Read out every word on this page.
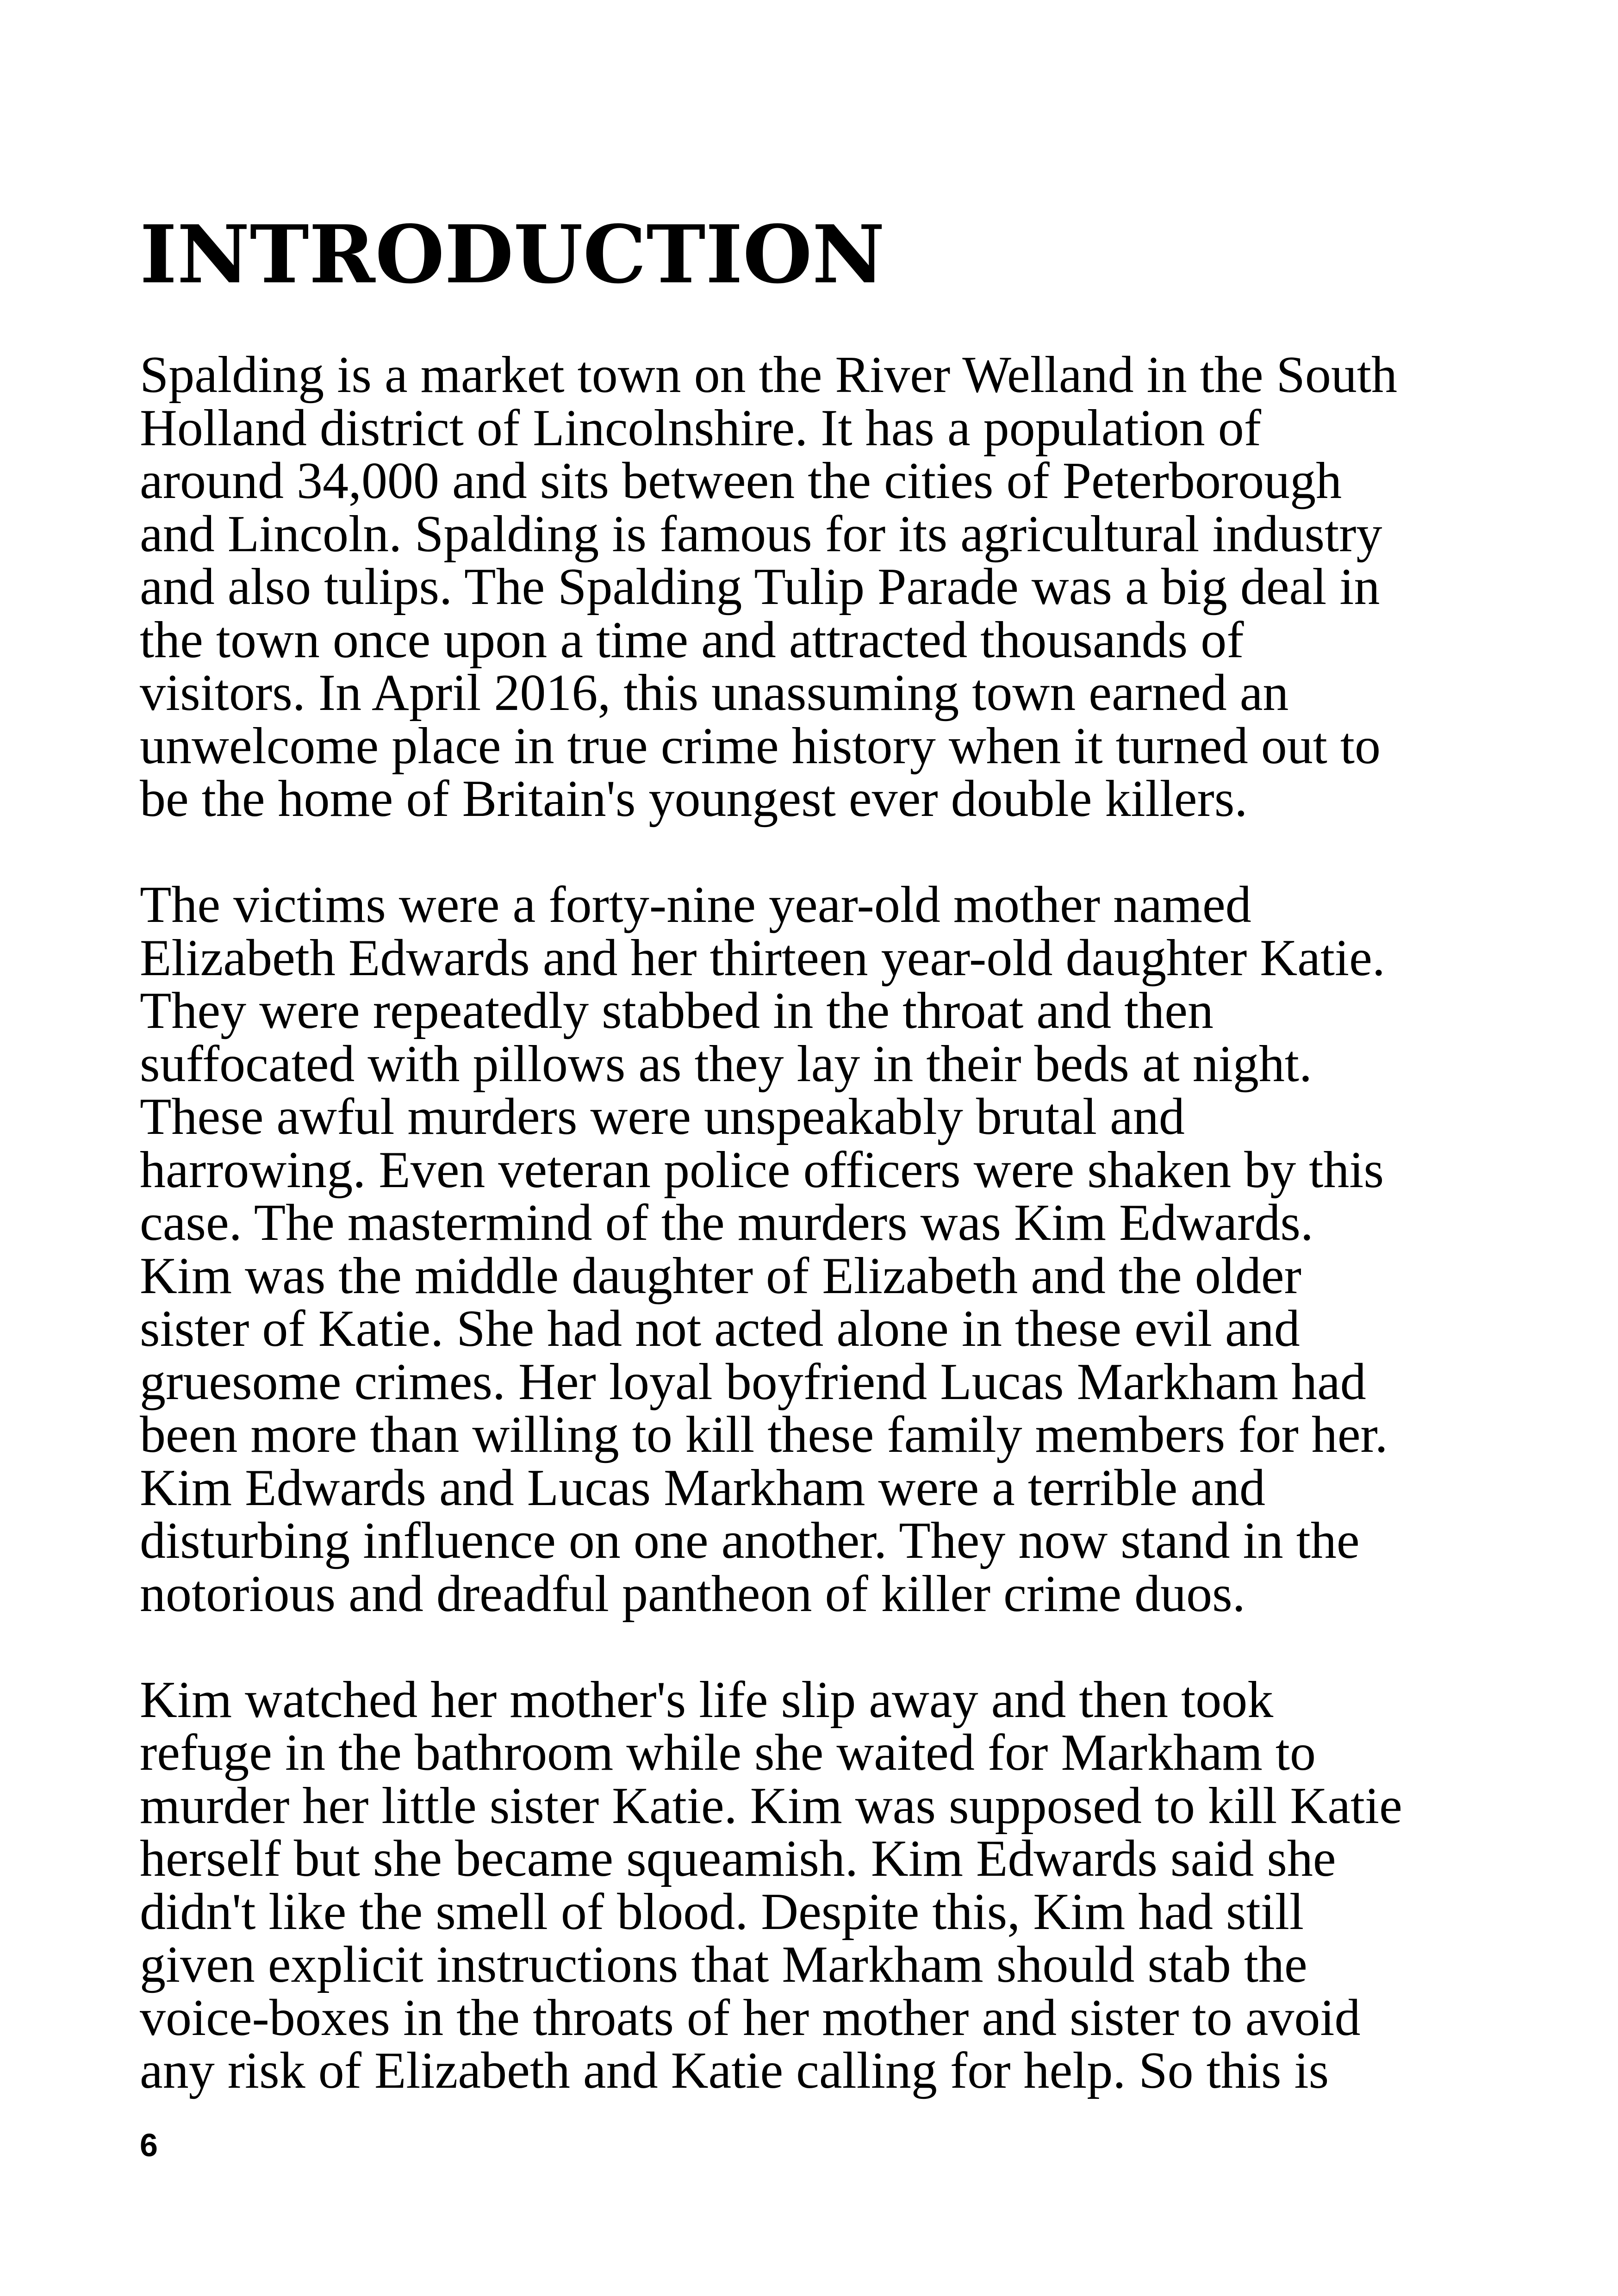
INTRODUCTION
Spalding is a market town on the River Welland in the South
Holland district of Lincolnshire. It has a population of
around 34,000 and sits between the cities of Peterborough
and Lincoln. Spalding is famous for its agricultural industry
and also tulips. The Spalding Tulip Parade was a big deal in
the town once upon a time and attracted thousands of
visitors. In April 2016, this unassuming town earned an
unwelcome place in true crime history when it turned out to
be the home of Britain's youngest ever double killers.
The victims were a forty-nine year-old mother named
Elizabeth Edwards and her thirteen year-old daughter Katie.
They were repeatedly stabbed in the throat and then
suffocated with pillows as they lay in their beds at night.
These awful murders were unspeakably brutal and
harrowing. Even veteran police officers were shaken by this
case. The mastermind of the murders was Kim Edwards.
Kim was the middle daughter of Elizabeth and the older
sister of Katie. She had not acted alone in these evil and
gruesome crimes. Her loyal boyfriend Lucas Markham had
been more than willing to kill these family members for her.
Kim Edwards and Lucas Markham were a terrible and
disturbing influence on one another. They now stand in the
notorious and dreadful pantheon of killer crime duos.
Kim watched her mother's life slip away and then took
refuge in the bathroom while she waited for Markham to
murder her little sister Katie. Kim was supposed to kill Katie
herself but she became squeamish. Kim Edwards said she
didn't like the smell of blood. Despite this, Kim had still
given explicit instructions that Markham should stab the
voice-boxes in the throats of her mother and sister to avoid
any risk of Elizabeth and Katie calling for help. So this is
6
